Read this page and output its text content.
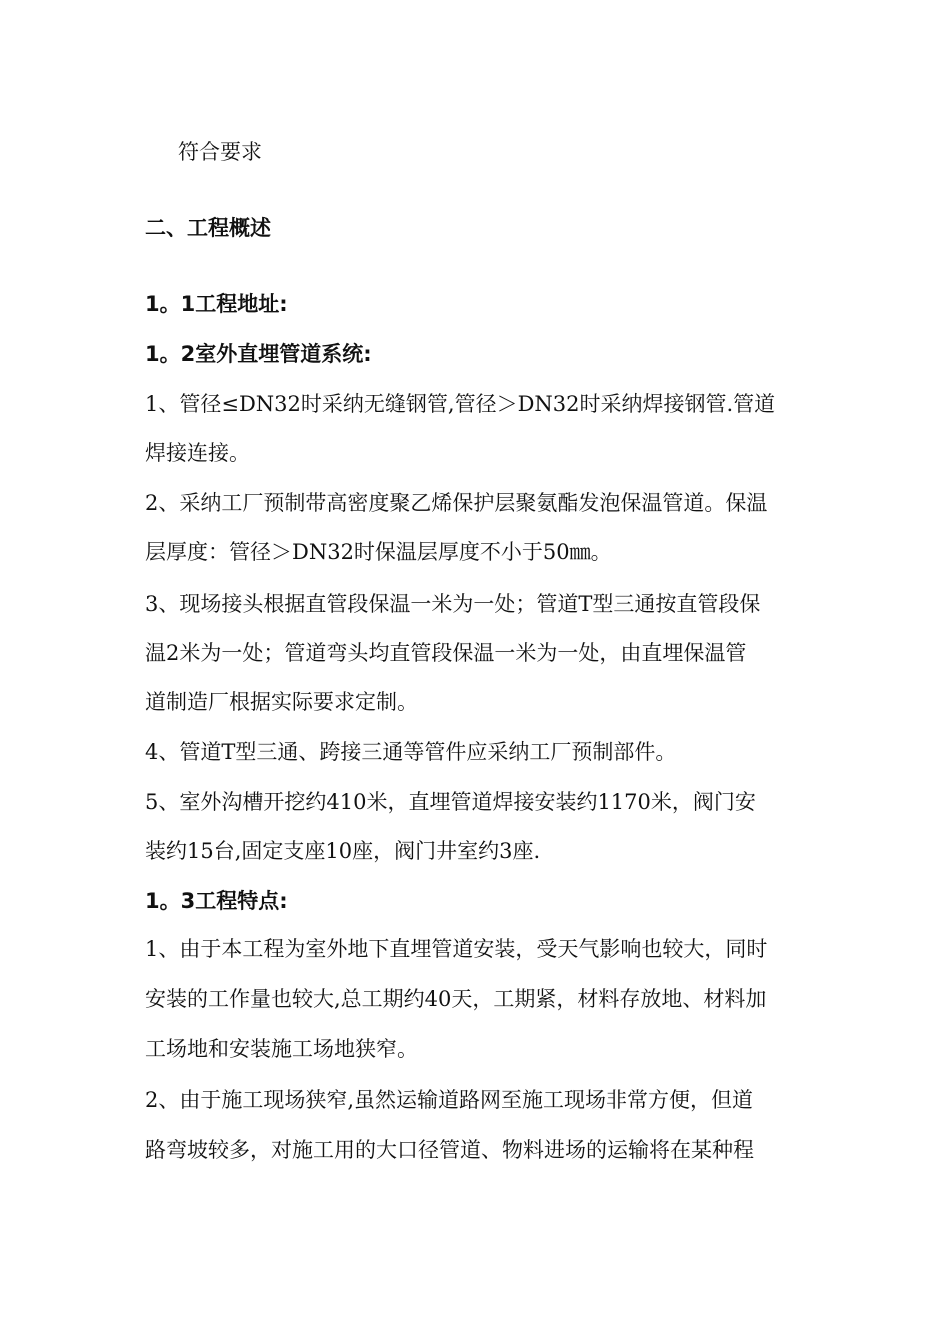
符合要求
二、工程概述
1。1工程地址:
1。2室外直埋管道系统:
1、管径≤DN32时采纳无缝钢管,管径＞DN32时采纳焊接钢管.管道
焊接连接。
2、采纳工厂预制带高密度聚乙烯保护层聚氨酯发泡保温管道。保温
层厚度：管径＞DN32时保温层厚度不小于50㎜。
3、现场接头根据直管段保温一米为一处；管道T型三通按直管段保
温2米为一处；管道弯头均直管段保温一米为一处，由直埋保温管
道制造厂根据实际要求定制。
4、管道T型三通、跨接三通等管件应采纳工厂预制部件。
5、室外沟槽开挖约410米，直埋管道焊接安装约1170米，阀门安
装约15台,固定支座10座，阀门井室约3座.
1。3工程特点:
1、由于本工程为室外地下直埋管道安装，受天气影响也较大，同时
安装的工作量也较大,总工期约40天，工期紧，材料存放地、材料加
工场地和安装施工场地狭窄。
2、由于施工现场狭窄,虽然运输道路网至施工现场非常方便，但道
路弯坡较多，对施工用的大口径管道、物料进场的运输将在某种程
